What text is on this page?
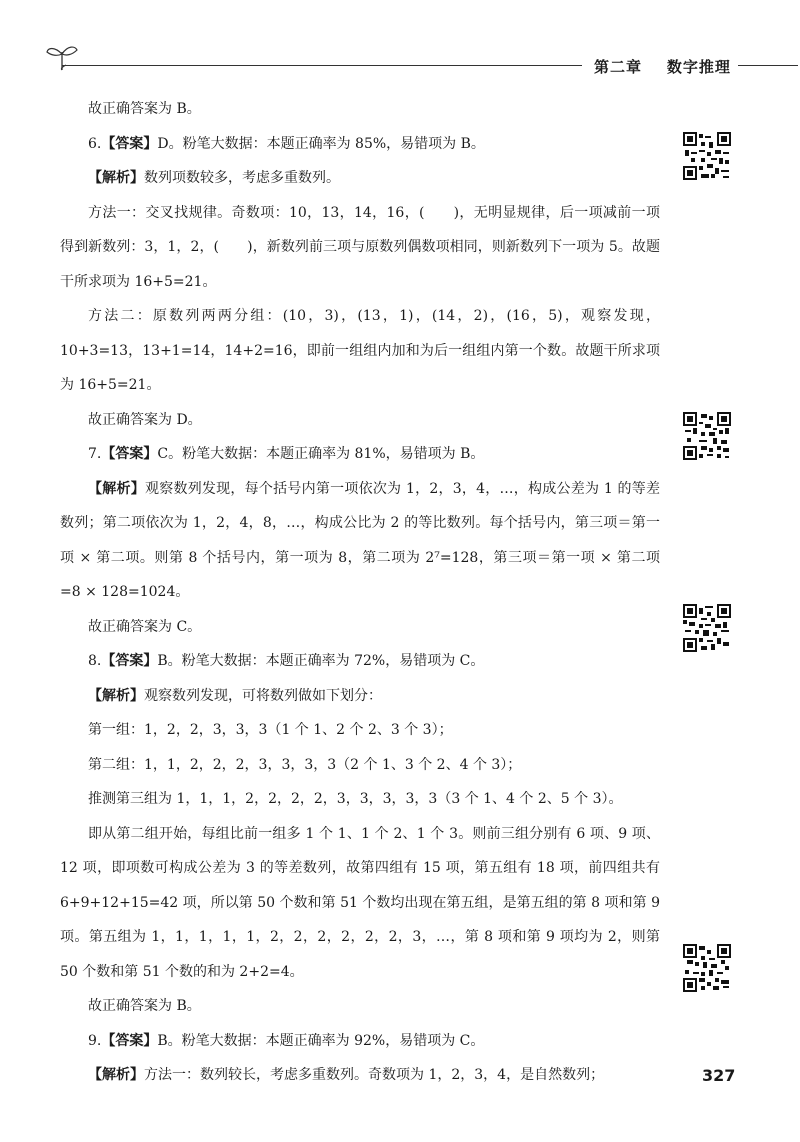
第二章 数字推理
故正确答案为 B。
6.【答案】D。粉笔大数据：本题正确率为 85%，易错项为 B。
【解析】数列项数较多，考虑多重数列。
方法一：交叉找规律。奇数项：10，13，14，16，(　　)，无明显规律，后一项减前一项得到新数列：3，1，2，(　　)，新数列前三项与原数列偶数项相同，则新数列下一项为 5。故题干所求项为 16+5=21。
方法二：原数列两两分组：(10，3)，(13，1)，(14，2)，(16，5)，观察发现，10+3=13，13+1=14，14+2=16，即前一组组内加和为后一组组内第一个数。故题干所求项为 16+5=21。
故正确答案为 D。
7.【答案】C。粉笔大数据：本题正确率为 81%，易错项为 B。
【解析】观察数列发现，每个括号内第一项依次为 1，2，3，4，…，构成公差为 1 的等差数列；第二项依次为 1，2，4，8，…，构成公比为 2 的等比数列。每个括号内，第三项＝第一项 × 第二项。则第 8 个括号内，第一项为 8，第二项为 2⁷=128，第三项＝第一项 × 第二项 =8 × 128=1024。
故正确答案为 C。
8.【答案】B。粉笔大数据：本题正确率为 72%，易错项为 C。
【解析】观察数列发现，可将数列做如下划分：
第一组：1，2，2，3，3，3（1 个 1、2 个 2、3 个 3）；
第二组：1，1，2，2，2，3，3，3，3（2 个 1、3 个 2、4 个 3）；
推测第三组为 1，1，1，2，2，2，2，3，3，3，3，3（3 个 1、4 个 2、5 个 3）。
即从第二组开始，每组比前一组多 1 个 1、1 个 2、1 个 3。则前三组分别有 6 项、9 项、12 项，即项数可构成公差为 3 的等差数列，故第四组有 15 项，第五组有 18 项，前四组共有 6+9+12+15=42 项，所以第 50 个数和第 51 个数均出现在第五组，是第五组的第 8 项和第 9 项。第五组为 1，1，1，1，1，2，2，2，2，2，2，3，…，第 8 项和第 9 项均为 2，则第 50 个数和第 51 个数的和为 2+2=4。
故正确答案为 B。
9.【答案】B。粉笔大数据：本题正确率为 92%，易错项为 C。
【解析】方法一：数列较长，考虑多重数列。奇数项为 1，2，3，4，是自然数列；	327
